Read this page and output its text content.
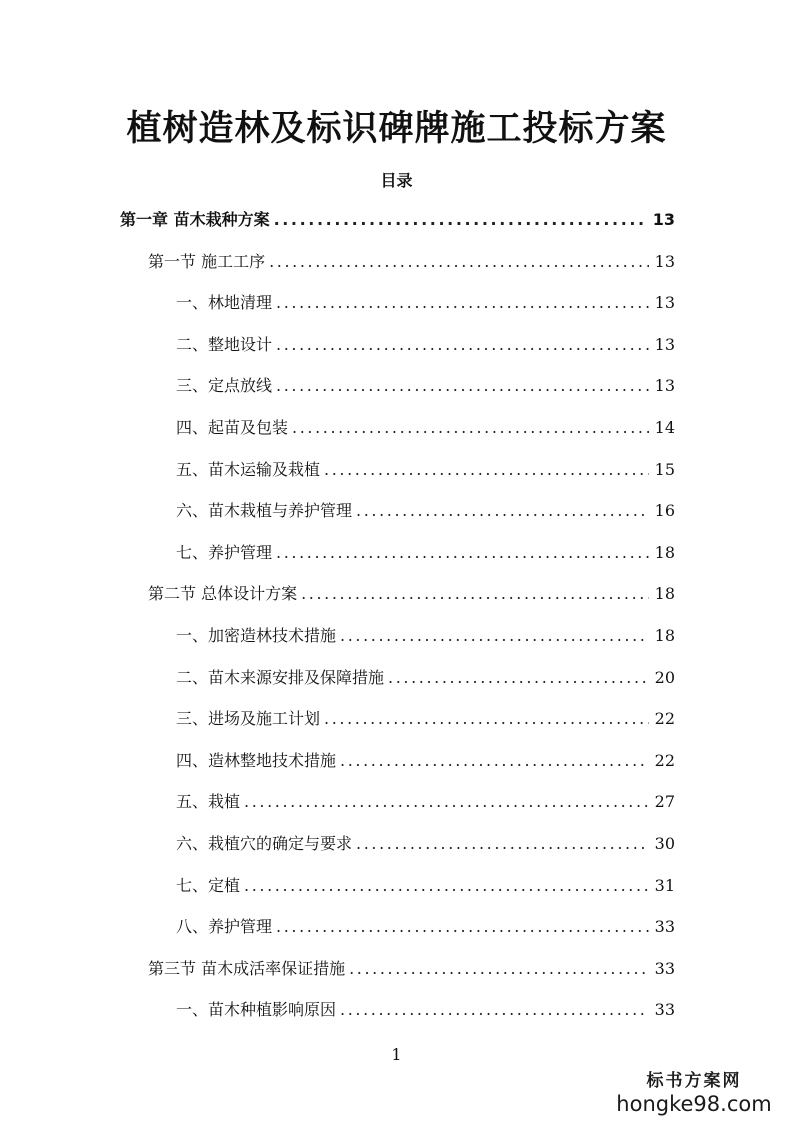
植树造林及标识碑牌施工投标方案
目录
第一章 苗木栽种方案 .....	13
第一节 施工工序 .....	13
一、林地清理 .....	13
二、整地设计 .....	13
三、定点放线 .....	13
四、起苗及包装 .....	14
五、苗木运输及栽植 .....	15
六、苗木栽植与养护管理 .....	16
七、养护管理 .....	18
第二节 总体设计方案 .....	18
一、加密造林技术措施 .....	18
二、苗木来源安排及保障措施 .....	20
三、进场及施工计划 .....	22
四、造林整地技术措施 .....	22
五、栽植 .....	27
六、栽植穴的确定与要求 .....	30
七、定植 .....	31
八、养护管理 .....	33
第三节 苗木成活率保证措施 .....	33
一、苗木种植影响原因 .....	33
1
标书方案网
hongke98.com
